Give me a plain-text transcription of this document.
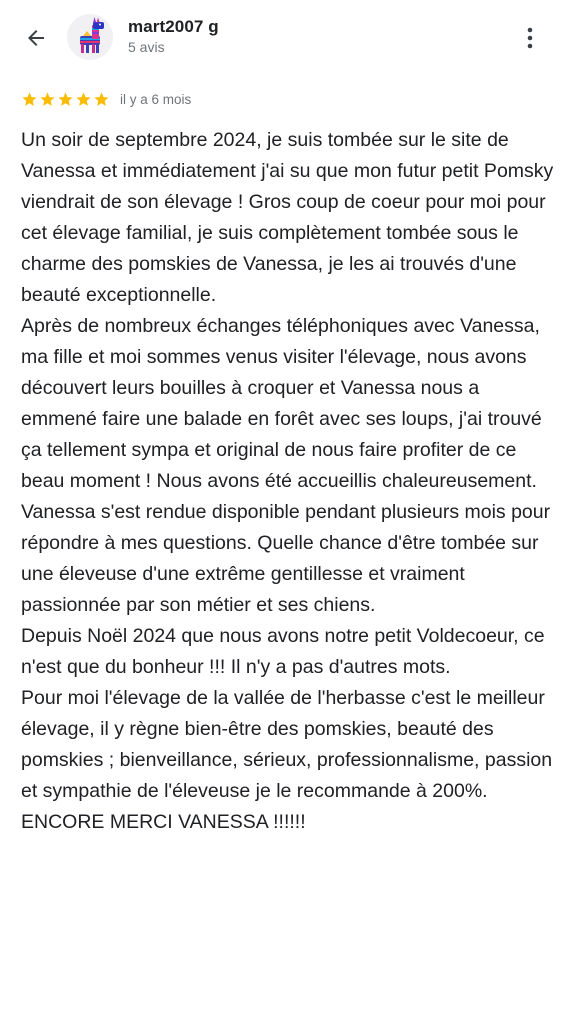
mart2007 g
5 avis
il y a 6 mois

Un soir de septembre 2024, je suis tombée sur le site de Vanessa et immédiatement j'ai su que mon futur petit Pomsky viendrait de son élevage ! Gros coup de coeur pour moi pour cet élevage familial, je suis complètement tombée sous le charme des pomskies de Vanessa, je les ai trouvés d'une beauté exceptionnelle.

Après de nombreux échanges téléphoniques avec Vanessa, ma fille et moi sommes venus visiter l'élevage, nous avons découvert leurs bouilles à croquer et Vanessa nous a emmené faire une balade en forêt avec ses loups, j'ai trouvé ça tellement sympa et original de nous faire profiter de ce beau moment ! Nous avons été accueillis chaleureusement.

Vanessa s'est rendue disponible pendant plusieurs mois pour répondre à mes questions. Quelle chance d'être tombée sur une éleveuse d'une extrême gentillesse et vraiment passionnée par son métier et ses chiens.

Depuis Noël 2024 que nous avons notre petit Voldecoeur, ce n'est que du bonheur !!! Il n'y a pas d'autres mots.

Pour moi l'élevage de la vallée de l'herbasse c'est le meilleur élevage, il y règne bien-être des pomskies, beauté des pomskies ; bienveillance, sérieux, professionnalisme, passion et sympathie de l'éleveuse je le recommande à 200%.

ENCORE MERCI VANESSA !!!!!!
